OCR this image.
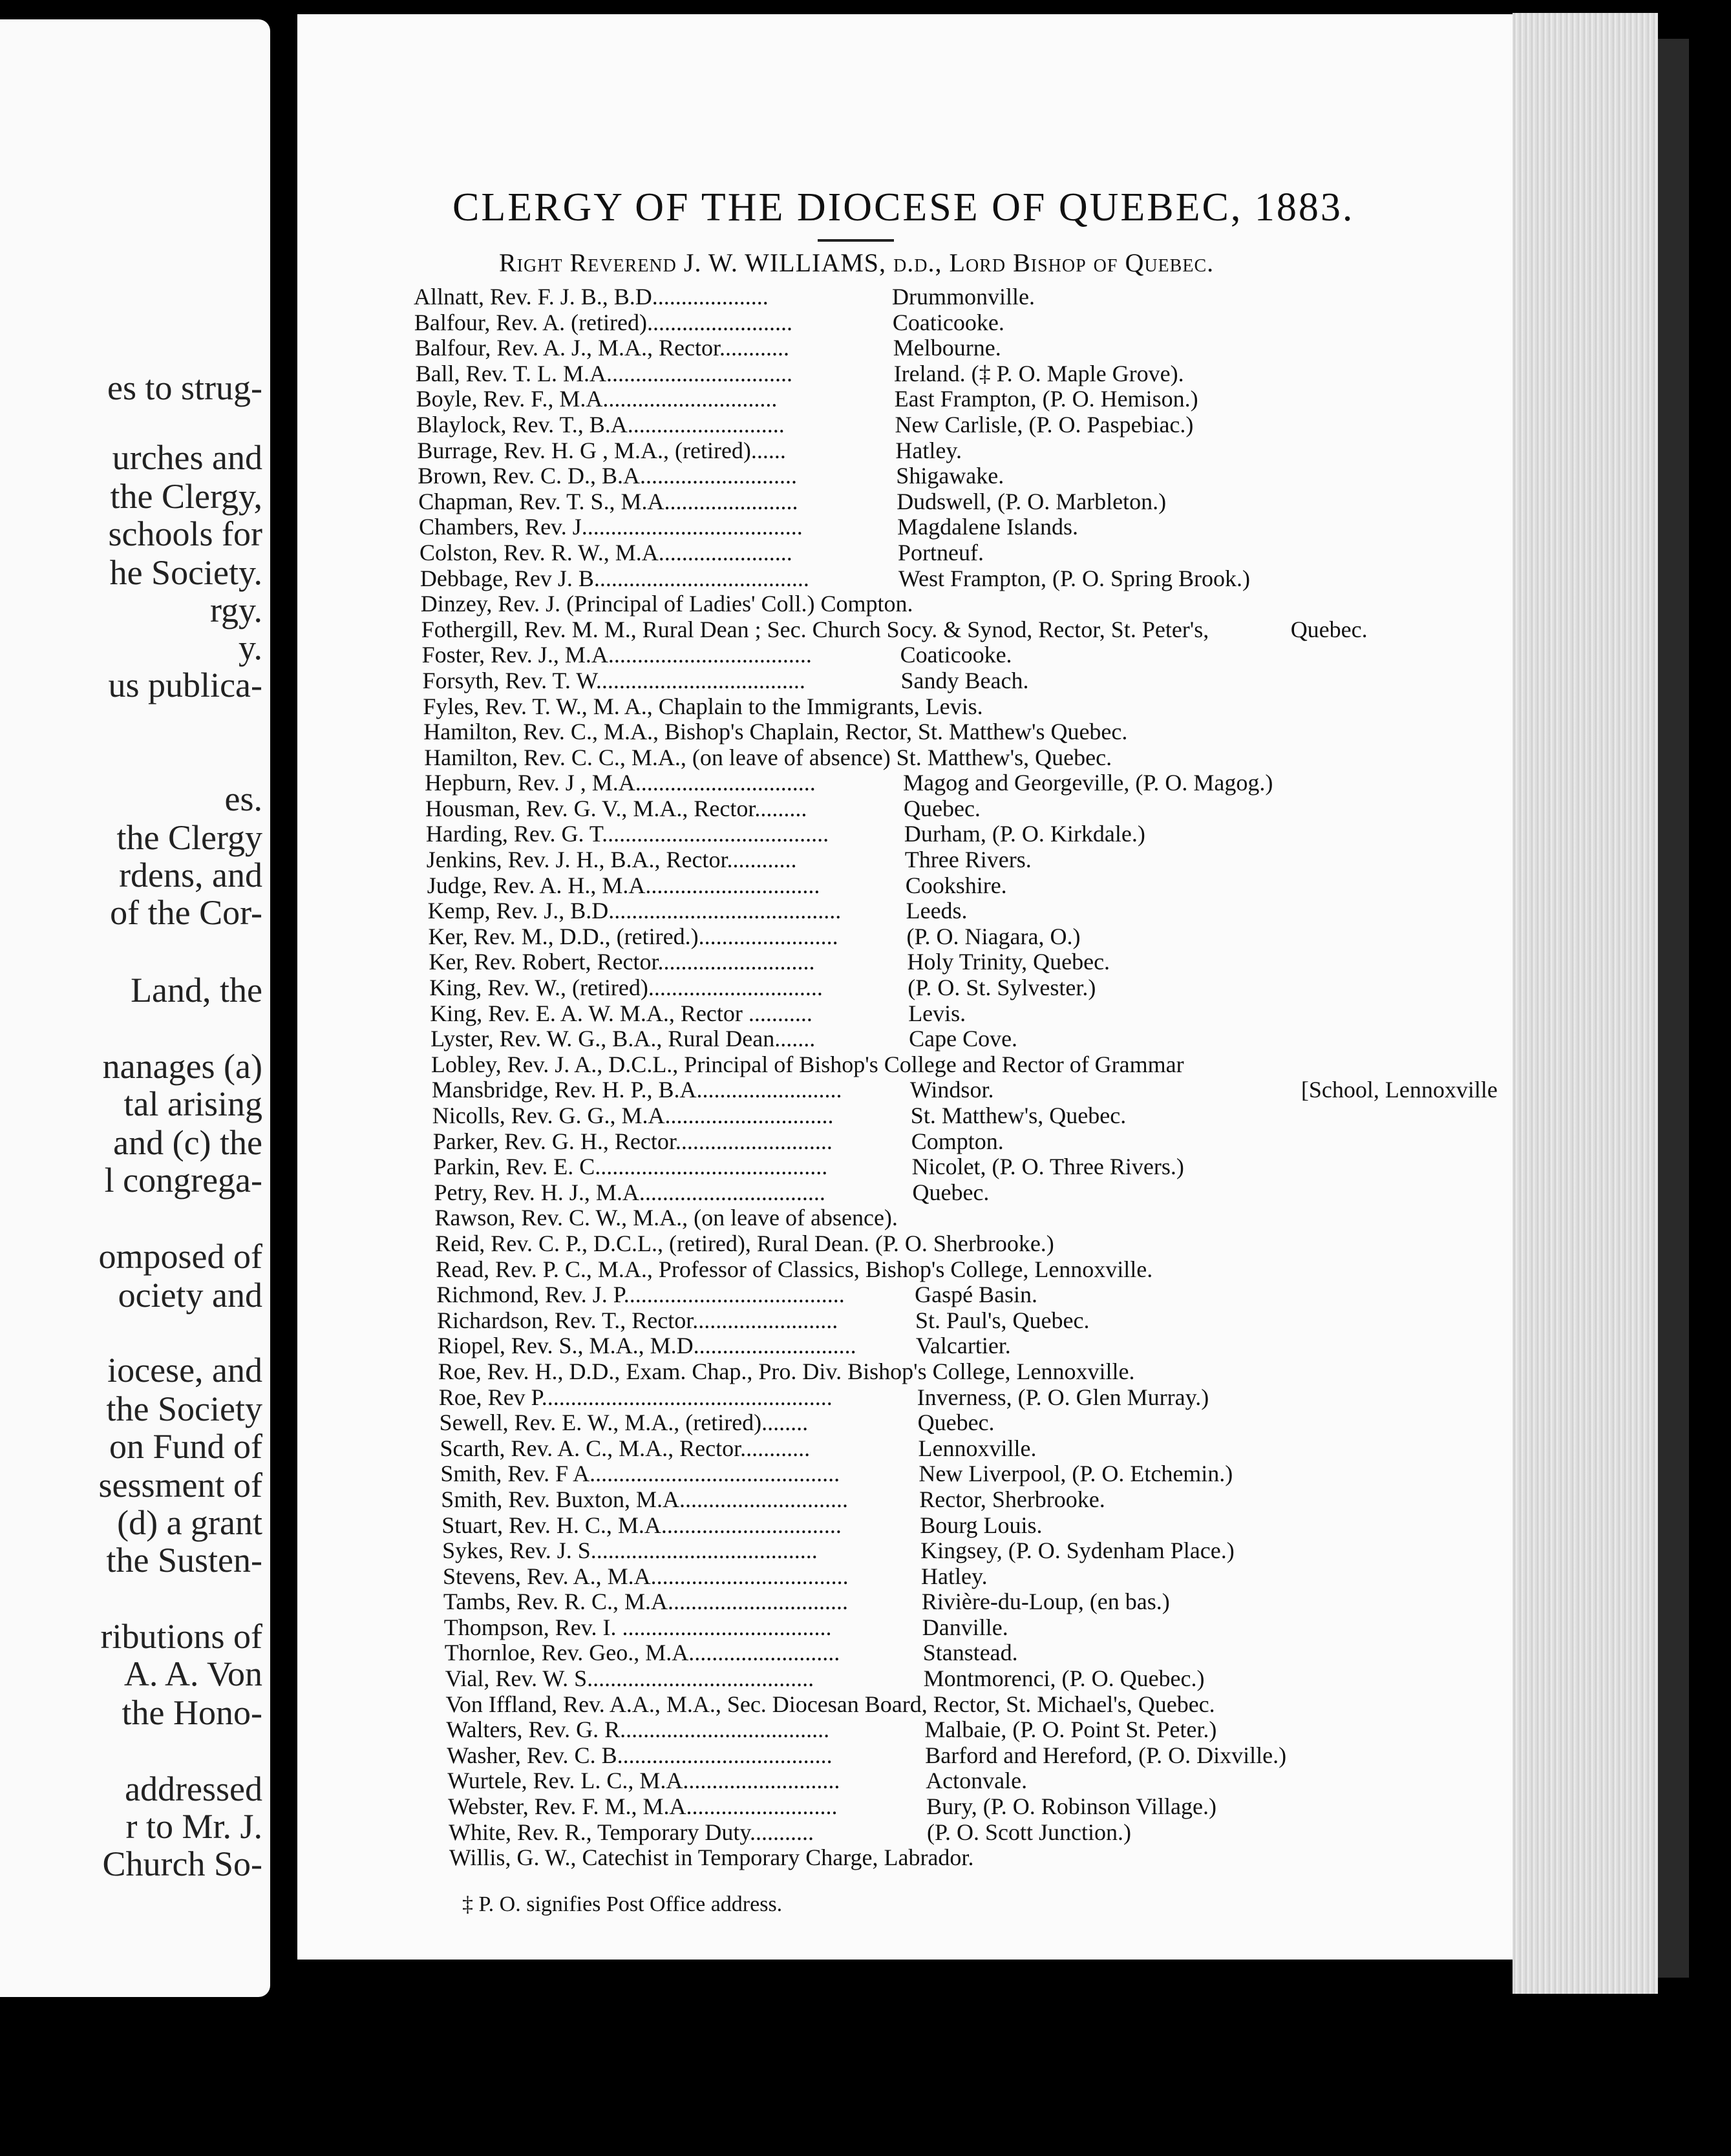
es to strug-
urches and
the Clergy,
schools for
he Society.
rgy.
y.
us publica-
es.
the Clergy
rdens, and
of the Cor-
Land, the
nanages (a)
tal arising
and (c) the
l congrega-
omposed of
ociety and
iocese, and
the Society
on Fund of
sessment of
(d) a grant
the Susten-
ributions of
A. A. Von
the Hono-
addressed
r to Mr. J.
Church So-
CLERGY OF THE DIOCESE OF QUEBEC, 1883.
Right Reverend J. W. WILLIAMS, d.d., Lord Bishop of Quebec.
Allnatt, Rev. F. J. B., B.D....................	Drummonville.
Balfour, Rev. A. (retired).........................	Coaticooke.
Balfour, Rev. A. J., M.A., Rector............	Melbourne.
Ball, Rev. T. L. M.A................................	Ireland. (‡ P. O. Maple Grove).
Boyle, Rev. F., M.A..............................	East Frampton, (P. O. Hemison.)
Blaylock, Rev. T., B.A...........................	New Carlisle, (P. O. Paspebiac.)
Burrage, Rev. H. G , M.A., (retired)......	Hatley.
Brown, Rev. C. D., B.A...........................	Shigawake.
Chapman, Rev. T. S., M.A.......................	Dudswell, (P. O. Marbleton.)
Chambers, Rev. J......................................	Magdalene Islands.
Colston, Rev. R. W., M.A.......................	Portneuf.
Debbage, Rev J. B.....................................	West Frampton, (P. O. Spring Brook.)
Dinzey, Rev. J. (Principal of Ladies' Coll.) Compton.
Fothergill, Rev. M. M., Rural Dean ; Sec. Church Socy. & Synod, Rector, St. Peter's,	Quebec.
Foster, Rev. J., M.A...................................	Coaticooke.
Forsyth, Rev. T. W....................................	Sandy Beach.
Fyles, Rev. T. W., M. A., Chaplain to the Immigrants, Levis.
Hamilton, Rev. C., M.A., Bishop's Chaplain, Rector, St. Matthew's Quebec.
Hamilton, Rev. C. C., M.A., (on leave of absence) St. Matthew's, Quebec.
Hepburn, Rev. J , M.A...............................	Magog and Georgeville, (P. O. Magog.)
Housman, Rev. G. V., M.A., Rector.........	Quebec.
Harding, Rev. G. T.......................................	Durham, (P. O. Kirkdale.)
Jenkins, Rev. J. H., B.A., Rector............	Three Rivers.
Judge, Rev. A. H., M.A..............................	Cookshire.
Kemp, Rev. J., B.D........................................	Leeds.
Ker, Rev. M., D.D., (retired.)........................	(P. O. Niagara, O.)
Ker, Rev. Robert, Rector...........................	Holy Trinity, Quebec.
King, Rev. W., (retired)..............................	(P. O. St. Sylvester.)
King, Rev. E. A. W. M.A., Rector ...........	Levis.
Lyster, Rev. W. G., B.A., Rural Dean.......	Cape Cove.
Lobley, Rev. J. A., D.C.L., Principal of Bishop's College and Rector of Grammar
Mansbridge, Rev. H. P., B.A.........................	Windsor.	[School, Lennoxville
Nicolls, Rev. G. G., M.A.............................	St. Matthew's, Quebec.
Parker, Rev. G. H., Rector...........................	Compton.
Parkin, Rev. E. C........................................	Nicolet, (P. O. Three Rivers.)
Petry, Rev. H. J., M.A................................	Quebec.
Rawson, Rev. C. W., M.A., (on leave of absence).
Reid, Rev. C. P., D.C.L., (retired), Rural Dean. (P. O. Sherbrooke.)
Read, Rev. P. C., M.A., Professor of Classics, Bishop's College, Lennoxville.
Richmond, Rev. J. P......................................	Gaspé Basin.
Richardson, Rev. T., Rector.........................	St. Paul's, Quebec.
Riopel, Rev. S., M.A., M.D............................	Valcartier.
Roe, Rev. H., D.D., Exam. Chap., Pro. Div. Bishop's College, Lennoxville.
Roe, Rev P..................................................	Inverness, (P. O. Glen Murray.)
Sewell, Rev. E. W., M.A., (retired)........	Quebec.
Scarth, Rev. A. C., M.A., Rector............	Lennoxville.
Smith, Rev. F A...........................................	New Liverpool, (P. O. Etchemin.)
Smith, Rev. Buxton, M.A.............................	Rector, Sherbrooke.
Stuart, Rev. H. C., M.A...............................	Bourg Louis.
Sykes, Rev. J. S.......................................	Kingsey, (P. O. Sydenham Place.)
Stevens, Rev. A., M.A..................................	Hatley.
Tambs, Rev. R. C., M.A...............................	Rivière-du-Loup, (en bas.)
Thompson, Rev. I. ....................................	Danville.
Thornloe, Rev. Geo., M.A..........................	Stanstead.
Vial, Rev. W. S.......................................	Montmorenci, (P. O. Quebec.)
Von Iffland, Rev. A.A., M.A., Sec. Diocesan Board, Rector, St. Michael's, Quebec.
Walters, Rev. G. R....................................	Malbaie, (P. O. Point St. Peter.)
Washer, Rev. C. B.....................................	Barford and Hereford, (P. O. Dixville.)
Wurtele, Rev. L. C., M.A...........................	Actonvale.
Webster, Rev. F. M., M.A..........................	Bury, (P. O. Robinson Village.)
White, Rev. R., Temporary Duty...........	(P. O. Scott Junction.)
Willis, G. W., Catechist in Temporary Charge, Labrador.
‡ P. O. signifies Post Office address.
